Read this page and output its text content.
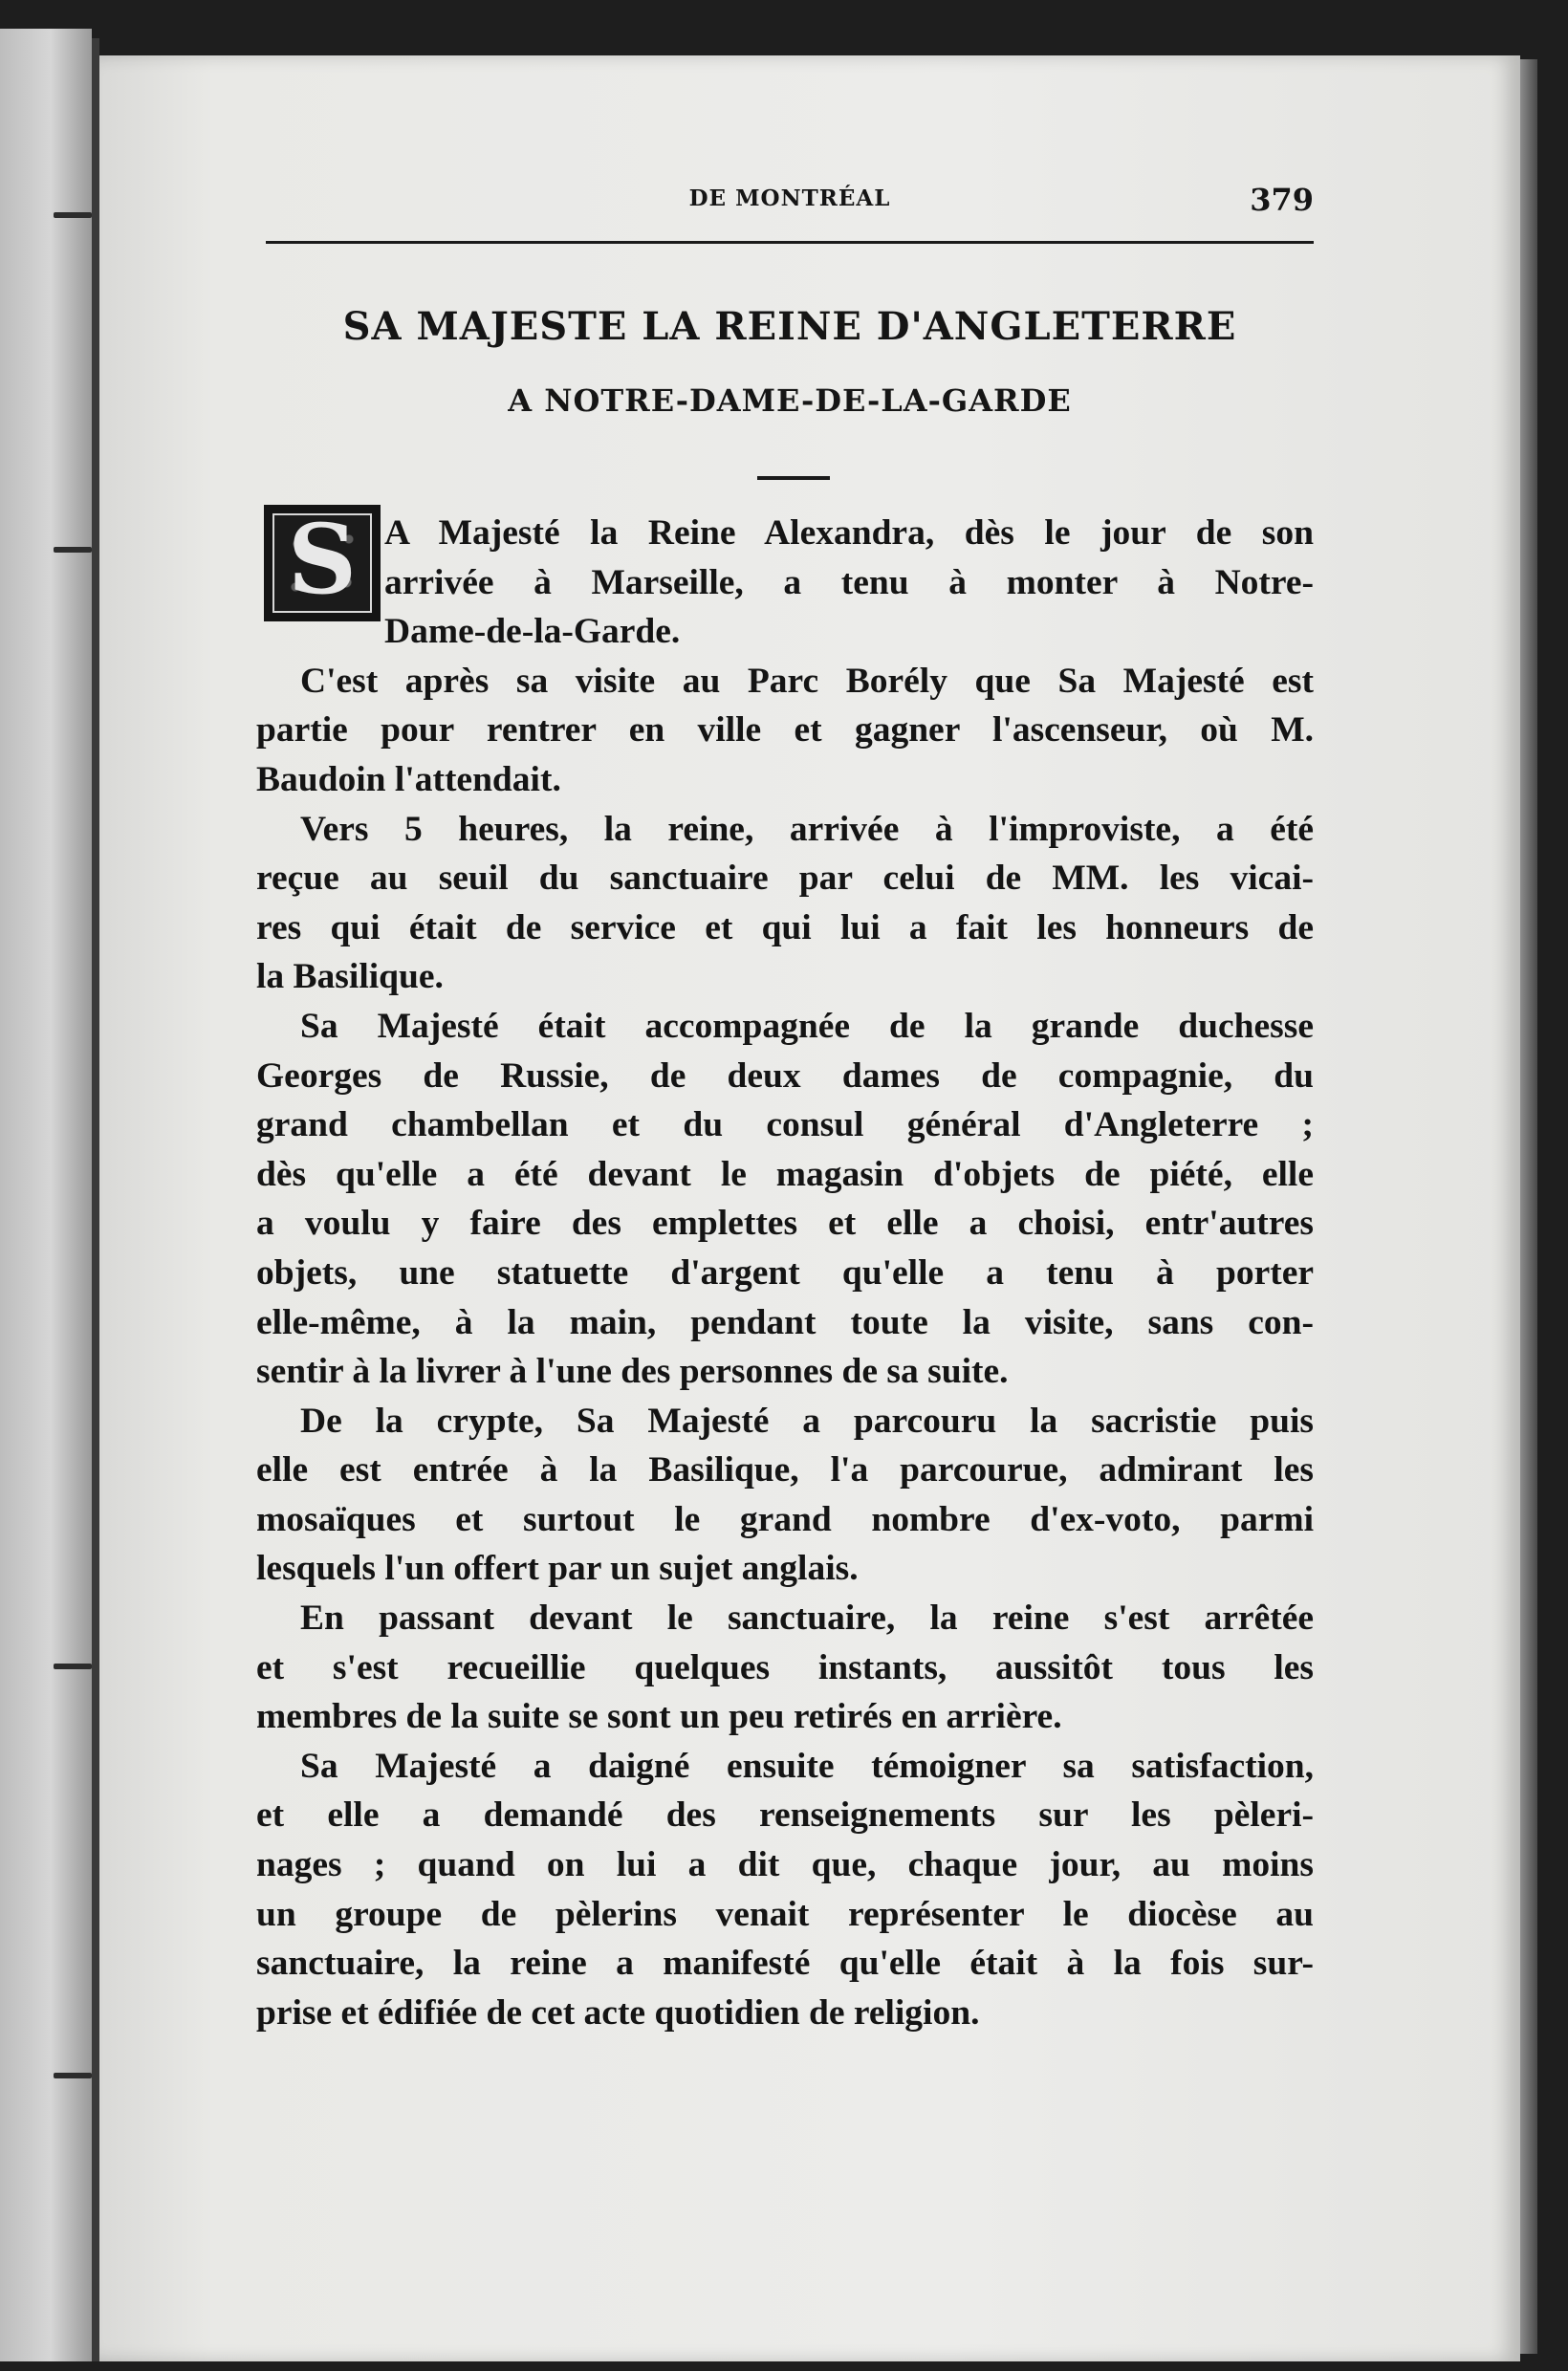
DE MONTRÉAL	379
SA MAJESTE LA REINE D'ANGLETERRE
A NOTRE-DAME-DE-LA-GARDE
S A Majesté la Reine Alexandra, dès le jour de son
arrivée à Marseille, a tenu à monter à Notre-
Dame-de-la-Garde.
C'est après sa visite au Parc Borély que Sa Majesté est
partie pour rentrer en ville et gagner l'ascenseur, où M.
Baudoin l'attendait.
Vers 5 heures, la reine, arrivée à l'improviste, a été
reçue au seuil du sanctuaire par celui de MM. les vicai-
res qui était de service et qui lui a fait les honneurs de
la Basilique.
Sa Majesté était accompagnée de la grande duchesse
Georges de Russie, de deux dames de compagnie, du
grand chambellan et du consul général d'Angleterre ;
dès qu'elle a été devant le magasin d'objets de piété, elle
a voulu y faire des emplettes et elle a choisi, entr'autres
objets, une statuette d'argent qu'elle a tenu à porter
elle-même, à la main, pendant toute la visite, sans con-
sentir à la livrer à l'une des personnes de sa suite.
De la crypte, Sa Majesté a parcouru la sacristie puis
elle est entrée à la Basilique, l'a parcourue, admirant les
mosaïques et surtout le grand nombre d'ex-voto, parmi
lesquels l'un offert par un sujet anglais.
En passant devant le sanctuaire, la reine s'est arrêtée
et s'est recueillie quelques instants, aussitôt tous les
membres de la suite se sont un peu retirés en arrière.
Sa Majesté a daigné ensuite témoigner sa satisfaction,
et elle a demandé des renseignements sur les pèleri-
nages ; quand on lui a dit que, chaque jour, au moins
un groupe de pèlerins venait représenter le diocèse au
sanctuaire, la reine a manifesté qu'elle était à la fois sur-
prise et édifiée de cet acte quotidien de religion.
